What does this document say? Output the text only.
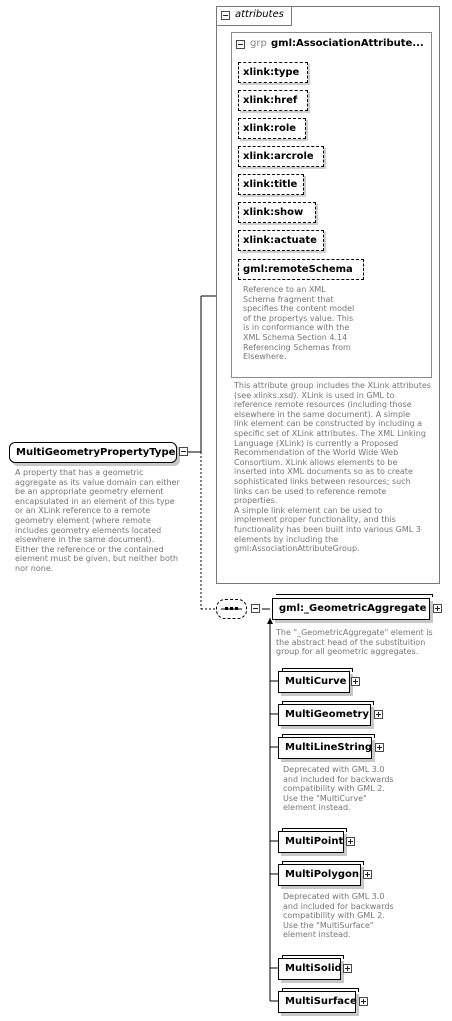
attributes
grp gml:AssociationAttribute...
xlink:type
xlink:href
xlink:role
xlink:arcrole
xlink:title
xlink:show
xlink:actuate
gml:remoteSchema
Reference to an XML
Schema fragment that
specifies the content model
of the propertys value. This
is in conformance with the
XML Schema Section 4.14
Referencing Schemas from
Elsewhere.
This attribute group includes the XLink attributes
(see xlinks.xsd). XLink is used in GML to
reference remote resources (including those
elsewhere in the same document). A simple
link element can be constructed by including a
specific set of XLink attributes. The XML Linking
Language (XLink) is currently a Proposed
Recommendation of the World Wide Web
Consortium. XLink allows elements to be
inserted into XML documents so as to create
sophisticated links between resources; such
links can be used to reference remote
properties.
A simple link element can be used to
implement proper functionality, and this
functionality has been built into various GML 3
elements by including the
gml:AssociationAttributeGroup.
MultiGeometryPropertyType
A property that has a geometric
aggregate as its value domain can either
be an appropriate geometry element
encapsulated in an element of this type
or an XLink reference to a remote
geometry element (where remote
includes geometry elements located
elsewhere in the same document).
Either the reference or the contained
element must be given, but neither both
nor none.
gml:_GeometricAggregate
The "_GeometricAggregate" element is
the abstract head of the substituition
group for all geometric aggregates.
MultiCurve
MultiGeometry
MultiLineString
Deprecated with GML 3.0
and included for backwards
compatibility with GML 2.
Use the "MultiCurve"
element instead.
MultiPoint
MultiPolygon
Deprecated with GML 3.0
and included for backwards
compatibility with GML 2.
Use the "MultiSurface"
element instead.
MultiSolid
MultiSurface
